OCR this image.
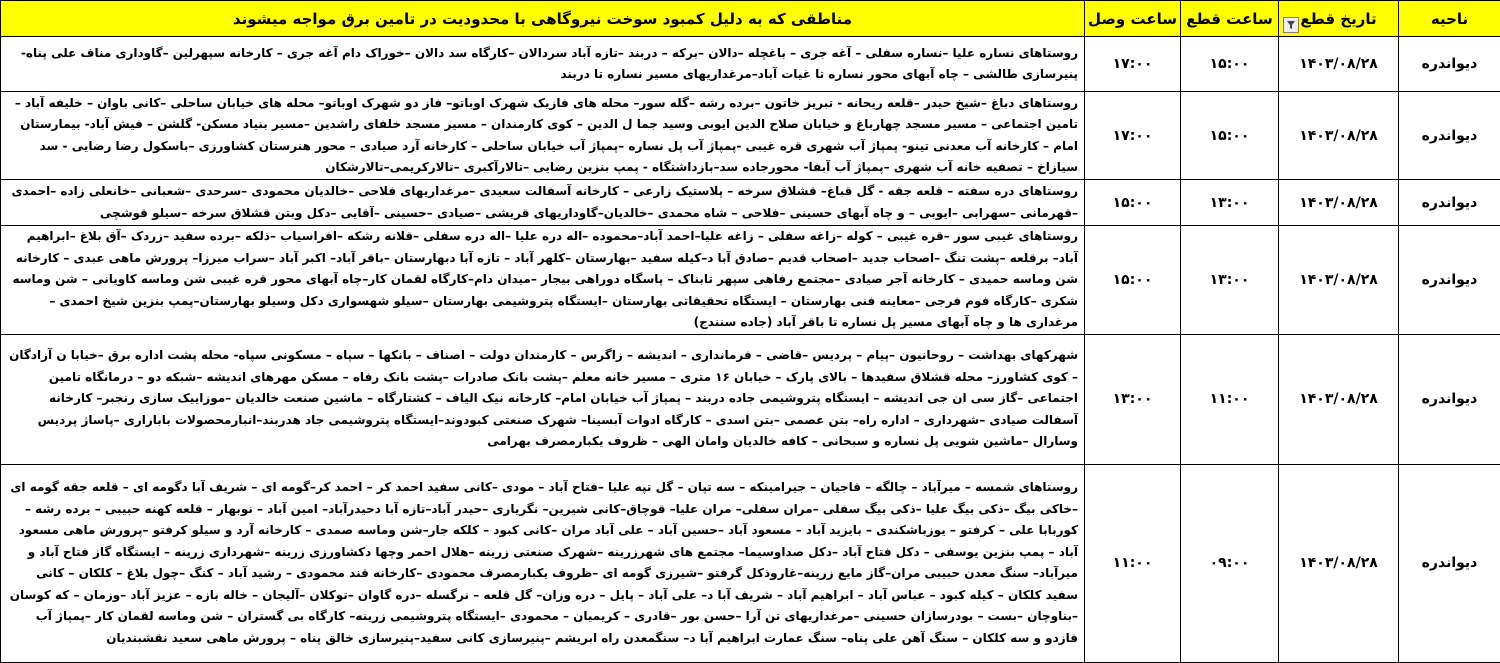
ناحیه	تاریخ قطع	ساعت قطع	ساعت وصل	مناطقی که به دلیل کمبود سوخت نیروگاهی با محدودیت در تامین برق مواجه میشوند
دیواندره	۱۴۰۳/۰۸/۲۸	۱۵:۰۰	۱۷:۰۰	روستاهای نساره علیا –نساره سفلی – آغه جری – باغچله –دالان –برکه – دربند –تازه آباد سردالان –کارگاه سد دالان –خوراک دام آغه جری – کارخانه سپهرلین –گاوداری مناف علی پناه-پنیرسازی طالشی – چاه آبهای محور نساره تا غیات آباد–مرغداریهای مسیر نساره تا دربند
دیواندره	۱۴۰۳/۰۸/۲۸	۱۵:۰۰	۱۷:۰۰	روستاهای دباغ –شیخ حیدر –قلعه ریحانه - تبریز خاتون –برده رشه –گله سور– محله های فازیک شهرک اوباتو– فاز دو شهرک اوباتو– محله های خیابان ساحلی –کانی باوان – خلیفه آباد –تامین اجتماعی – مسیر مسجد چهارباغ و خیابان صلاح الدین ایوبی وسید جما ل الدین – کوی کارمندان – مسیر مسجد خلفای راشدین –مسیر بنیاد مسکن- گلشن – فیش آباد- بیمارستان امام – کارخانه آب معدنی تینو- پمپاژ آب شهری قره غیبی -پمپاژ آب پل نساره –پمپاژ آب خیابان ساحلی – کارخانه آرد صیادی – محور هنرستان کشاورزی –باسکول رضا رضایی - سد سیازاخ – تصفیه خانه آب شهری –پمپاژ آب آبفا- محورجاده سد–بازداشتگاه - پمپ بنزین رضایی –تالارآکبری –تالارکریمی–تالارشکان
دیواندره	۱۴۰۳/۰۸/۲۸	۱۳:۰۰	۱۵:۰۰	روستاهای دره سفته – قلعه جقه - گل قباغ– قشلاق سرخه – پلاستیک زارعی – کارخانه آسفالت سعیدی –مرغداریهای فلاحی –خالدیان محمودی –سرحدی –شعبانی –خانعلی زاده –احمدی –قهرمانی –سهرابی –ایوبی – و چاه آبهای حسینی –فلاحی – شاه محمدی –خالدیان–گاوداریهای قریشی –صیادی –حسینی –آقایی –دکل وبتن قشلاق سرخه –سیلو قوشچی
دیواندره	۱۴۰۳/۰۸/۲۸	۱۳:۰۰	۱۵:۰۰	روستاهای غیبی سور –قره غیبی – کوله –زاغه سفلی – زاغه علیا–احمد آباد–محموده –اله دره علیا –اله دره سفلی –قلانه رشکه –افراسیاب –ذلکه –برده سفید –زردک –آق بلاغ –ابراهیم آباد– برقلعه –پشت تنگ –اصحاب جدید –اصحاب قدیم –صادق آبا د–کیله سفید –بهارستان –کلهر آباد – تازه آبا دبهارستان –باقر آباد– اکبر آباد –سراب میرزا– پرورش ماهی عبدی – کارخانه شن وماسه حمیدی – کارخانه آجر صیادی –مجتمع رفاهی سپهر تابناک – پاسگاه دوراهی بیجار –میدان دام–کارگاه لقمان کار–چاه آبهای محور قره غیبی شن وماسه کاویانی – شن وماسه شکری –کارگاه فوم فرجی –معاینه فنی بهارستان – ایستگاه تحقیقاتی بهارستان –ایستگاه پتروشیمی بهارستان –سیلو شهسواری دکل وسیلو بهارستان–پمپ بنزین شیخ احمدی –مرغداری ها و چاه آبهای مسیر پل نساره تا باقر آباد (جاده سنندج)
دیواندره	۱۴۰۳/۰۸/۲۸	۱۱:۰۰	۱۳:۰۰	شهرکهای بهداشت – روحانیون –پیام – پردیس –قاضی – فرمانداری – اندیشه – زاگرس – کارمندان دولت – اصناف – بانکها – سپاه – مسکونی سپاه- محله پشت اداره برق –خیابا ن آزادگان – کوی کشاورز– محله قشلاق سفیدها – بالای پارک – خیابان ۱۶ متری – مسیر خانه معلم –پشت بانک صادرات –پشت بانک رفاه – مسکن مهرهای اندیشه –شبکه دو – درمانگاه تامین اجتماعی –گاز سی ان جی اندیشه – ایستگاه پتروشیمی جاده دربند – پمپاژ آب خیابان امام– کارخانه نیک الیاف – کشتارگاه – ماشین صنعت خالدیان –موزاییک سازی رنجبر– کارخانه آسفالت صیادی –شهرداری – اداره راه– بتن عصمی –بتن اسدی – کارگاه ادوات آبسینا– شهرک صنعتی کبودوند–ایستگاه پتروشیمی جاد هدربند–انبارمحصولات باباراری –پاساژ پردیس وسارال –ماشین شویی پل نساره و سبحانی – کافه خالدیان وامان الهی – ظروف یکبارمصرف بهرامی
دیواندره	۱۴۰۳/۰۸/۲۸	۰۹:۰۰	۱۱:۰۰	روستاهای شمسه – میرآباد – چالگه – قاجیان – جیرامینکه – سه تپان – گل تپه علیا –فتاح آباد – مودی –کانی سفید احمد کر – احمد کر–گومه ای – شریف آبا دگومه ای – قلعه جقه گومه ای –خاکی بیگ –ذکی بیگ علیا –ذکی بیگ سفلی –مران سفلی– مران علیا– قوچاق–کانی شیرین– نگریاری –حیدر آباد–تازه آبا دحیدرآباد– امین آباد – نوبهار – قلعه کهنه حبیبی – برده رشه –کوربابا علی – کرفتو – یوزباشکندی – بایزید آباد – مسعود آباد –حسین آباد – علی آباد مران –کانی کبود – کلکه جار–شن وماسه صمدی – کارخانه آرد و سیلو کرفتو –پرورش ماهی مسعود آباد – پمپ بنزین یوسفی – دکل فتاح آباد –دکل صداوسیما– مجتمع های شهرزرینه –شهرک صنعتی زرینه –هلال احمر وچها دکشاورزی زرینه –شهرداری زرینه – ایستگاه گاز فتاح آباد و میرآباد– سنگ معدن حبیبی مران–گاز مایع زرینه–غاروذکل گرفتو –شیرزی گومه ای –ظروف یکبارمصرف محمودی –کارخانه قند محمودی – رشید آباد – کنگ –چول بلاغ – کلکان – کانی سفید کلکان – کیله کبود – عباس آباد – ابراهیم آباد – شریف آبا د– علی آباد – پایل – دره وزان– گل قلعه – نرگسله –دره گاوان –توکلان –آلیجان – خاله بازه – عزیز آباد –وزمان – که کوسان –بناوچان –بست – بودرسازان حسینی –مرغداریهای تن آرا –حسن بور –قادری – کریمیان – محمودی –ایستگاه پتروشیمی زرینه– کارگاه بی گستران – شن وماسه لقمان کار –پمپاژ آب فازدو و سه کلکان – سنگ آهن علی پناه– سنگ عمارت ابراهیم آبا د– سنگمعدن راه ابریشم –پنیرسازی کانی سفید–پنیرسازی خالق پناه – پرورش ماهی سعید نقشبندیان
